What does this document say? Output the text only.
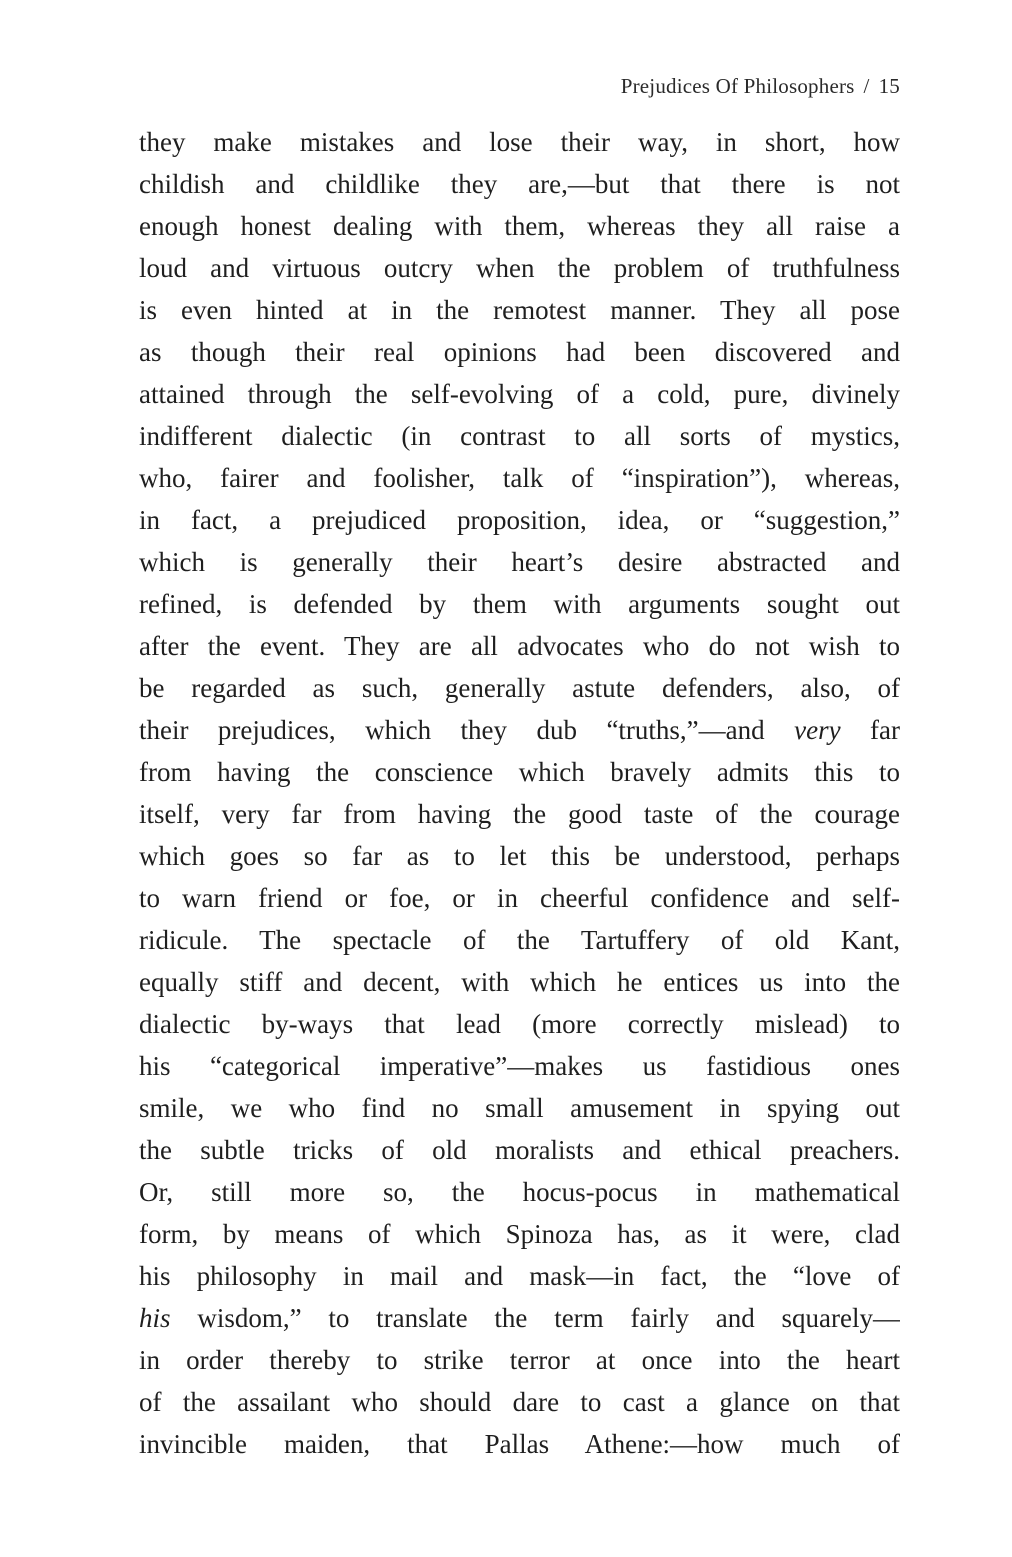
Prejudices Of Philosophers / 15
they make mistakes and lose their way, in short, how
childish and childlike they are,—but that there is not
enough honest dealing with them, whereas they all raise a
loud and virtuous outcry when the problem of truthfulness
is even hinted at in the remotest manner. They all pose
as though their real opinions had been discovered and
attained through the self-evolving of a cold, pure, divinely
indifferent dialectic (in contrast to all sorts of mystics,
who, fairer and foolisher, talk of “inspiration”), whereas,
in fact, a prejudiced proposition, idea, or “suggestion,”
which is generally their heart’s desire abstracted and
refined, is defended by them with arguments sought out
after the event. They are all advocates who do not wish to
be regarded as such, generally astute defenders, also, of
their prejudices, which they dub “truths,”—and very far
from having the conscience which bravely admits this to
itself, very far from having the good taste of the courage
which goes so far as to let this be understood, perhaps
to warn friend or foe, or in cheerful confidence and self-
ridicule. The spectacle of the Tartuffery of old Kant,
equally stiff and decent, with which he entices us into the
dialectic by-ways that lead (more correctly mislead) to
his “categorical imperative”—makes us fastidious ones
smile, we who find no small amusement in spying out
the subtle tricks of old moralists and ethical preachers.
Or, still more so, the hocus-pocus in mathematical
form, by means of which Spinoza has, as it were, clad
his philosophy in mail and mask—in fact, the “love of
his wisdom,” to translate the term fairly and squarely—
in order thereby to strike terror at once into the heart
of the assailant who should dare to cast a glance on that
invincible maiden, that Pallas Athene:—how much of
